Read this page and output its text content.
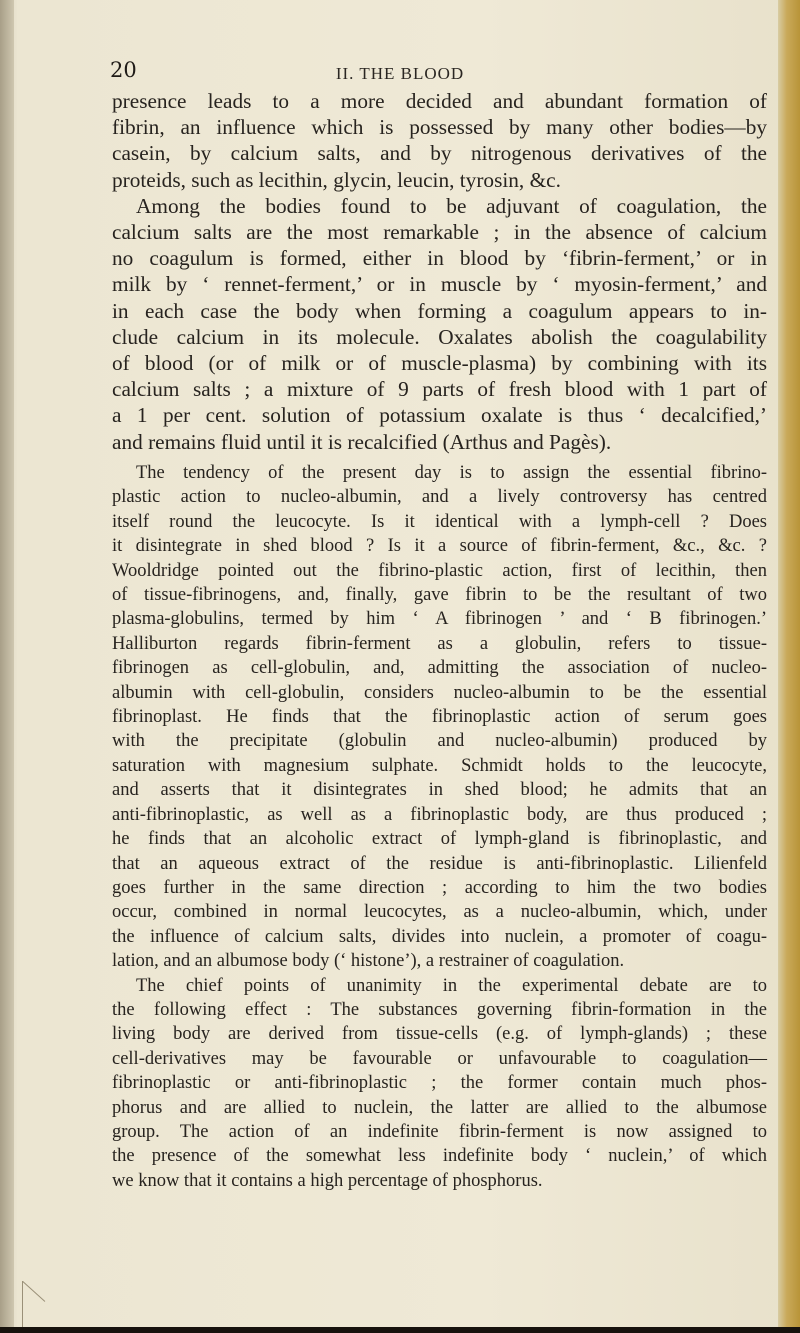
20	II. THE BLOOD

presence leads to a more decided and abundant formation of

fibrin, an influence which is possessed by many other bodies—by

casein, by calcium salts, and by nitrogenous derivatives of the

proteids, such as lecithin, glycin, leucin, tyrosin, &c.

Among the bodies found to be adjuvant of coagulation, the

calcium salts are the most remarkable ; in the absence of calcium

no coagulum is formed, either in blood by ‘fibrin-ferment,’ or in

milk by ‘ rennet-ferment,’ or in muscle by ‘ myosin-ferment,’ and

in each case the body when forming a coagulum appears to in-

clude calcium in its molecule. Oxalates abolish the coagulability

of blood (or of milk or of muscle-plasma) by combining with its

calcium salts ; a mixture of 9 parts of fresh blood with 1 part of

a 1 per cent. solution of potassium oxalate is thus ‘ decalcified,’

and remains fluid until it is recalcified (Arthus and Pagès).

The tendency of the present day is to assign the essential fibrino-

plastic action to nucleo-albumin, and a lively controversy has centred

itself round the leucocyte. Is it identical with a lymph-cell ? Does

it disintegrate in shed blood ? Is it a source of fibrin-ferment, &c., &c. ?

Wooldridge pointed out the fibrino-plastic action, first of lecithin, then

of tissue-fibrinogens, and, finally, gave fibrin to be the resultant of two

plasma-globulins, termed by him ‘ A fibrinogen ’ and ‘ B fibrinogen.’

Halliburton regards fibrin-ferment as a globulin, refers to tissue-

fibrinogen as cell-globulin, and, admitting the association of nucleo-

albumin with cell-globulin, considers nucleo-albumin to be the essential

fibrinoplast. He finds that the fibrinoplastic action of serum goes

with the precipitate (globulin and nucleo-albumin) produced by

saturation with magnesium sulphate. Schmidt holds to the leucocyte,

and asserts that it disintegrates in shed blood; he admits that an

anti-fibrinoplastic, as well as a fibrinoplastic body, are thus produced ;

he finds that an alcoholic extract of lymph-gland is fibrinoplastic, and

that an aqueous extract of the residue is anti-fibrinoplastic. Lilienfeld

goes further in the same direction ; according to him the two bodies

occur, combined in normal leucocytes, as a nucleo-albumin, which, under

the influence of calcium salts, divides into nuclein, a promoter of coagu-

lation, and an albumose body (‘ histone’), a restrainer of coagulation.

The chief points of unanimity in the experimental debate are to

the following effect : The substances governing fibrin-formation in the

living body are derived from tissue-cells (e.g. of lymph-glands) ; these

cell-derivatives may be favourable or unfavourable to coagulation—

fibrinoplastic or anti-fibrinoplastic ; the former contain much phos-

phorus and are allied to nuclein, the latter are allied to the albumose

group. The action of an indefinite fibrin-ferment is now assigned to

the presence of the somewhat less indefinite body ‘ nuclein,’ of which

we know that it contains a high percentage of phosphorus.
